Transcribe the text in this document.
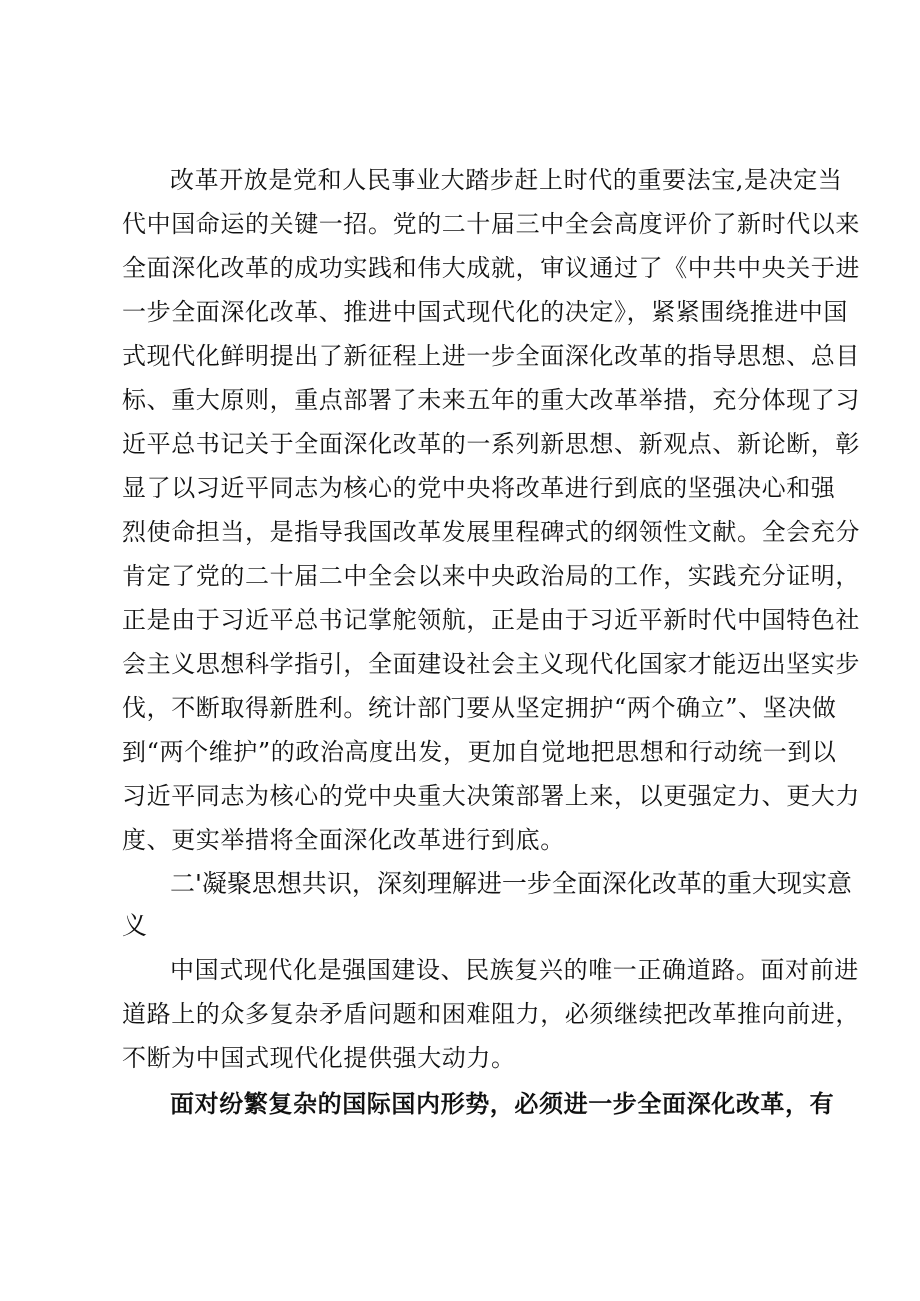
改革开放是党和人民事业大踏步赶上时代的重要法宝,是决定当
代中国命运的关键一招。党的二十届三中全会高度评价了新时代以来
全面深化改革的成功实践和伟大成就，审议通过了《中共中央关于进
一步全面深化改革、推进中国式现代化的决定》，紧紧围绕推进中国
式现代化鲜明提出了新征程上进一步全面深化改革的指导思想、总目
标、重大原则，重点部署了未来五年的重大改革举措，充分体现了习
近平总书记关于全面深化改革的一系列新思想、新观点、新论断，彰
显了以习近平同志为核心的党中央将改革进行到底的坚强决心和强
烈使命担当，是指导我国改革发展里程碑式的纲领性文献。全会充分
肯定了党的二十届二中全会以来中央政治局的工作，实践充分证明，
正是由于习近平总书记掌舵领航，正是由于习近平新时代中国特色社
会主义思想科学指引，全面建设社会主义现代化国家才能迈出坚实步
伐，不断取得新胜利。统计部门要从坚定拥护“两个确立”、坚决做
到“两个维护”的政治高度出发，更加自觉地把思想和行动统一到以
习近平同志为核心的党中央重大决策部署上来，以更强定力、更大力
度、更实举措将全面深化改革进行到底。
二'凝聚思想共识，深刻理解进一步全面深化改革的重大现实意
义
中国式现代化是强国建设、民族复兴的唯一正确道路。面对前进
道路上的众多复杂矛盾问题和困难阻力，必须继续把改革推向前进，
不断为中国式现代化提供强大动力。
面对纷繁复杂的国际国内形势，必须进一步全面深化改革，有
